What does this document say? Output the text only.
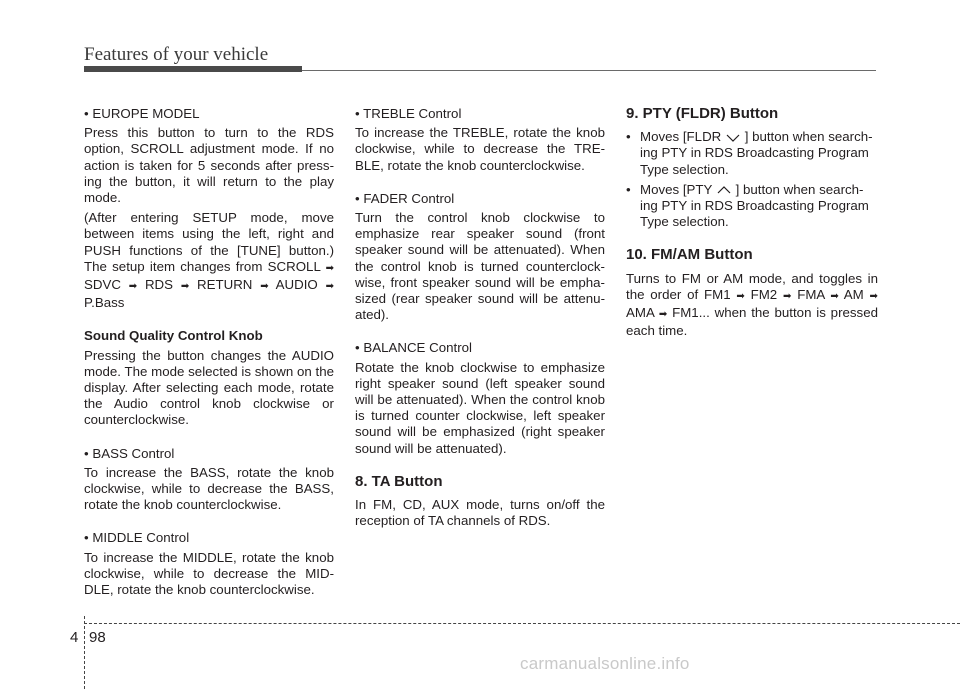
Features of your vehicle

• EUROPE MODEL

Press this button to turn to the RDS option, SCROLL adjustment mode. If no action is taken for 5 seconds after press-ing the button, it will return to the play mode.

(After entering SETUP mode, move between items using the left, right and PUSH functions of the [TUNE] button.) The setup item changes from SCROLL ➡ SDVC ➡ RDS ➡ RETURN ➡ AUDIO ➡ P.Bass

Sound Quality Control Knob

Pressing the button changes the AUDIO mode. The mode selected is shown on the display. After selecting each mode, rotate the Audio control knob clockwise or counterclockwise.

• BASS Control

To increase the BASS, rotate the knob clockwise, while to decrease the BASS, rotate the knob counterclockwise.

• MIDDLE Control

To increase the MIDDLE, rotate the knob clockwise, while to decrease the MID-DLE, rotate the knob counterclockwise.

• TREBLE Control

To increase the TREBLE, rotate the knob clockwise, while to decrease the TRE-BLE, rotate the knob counterclockwise.

• FADER Control

Turn the control knob clockwise to emphasize rear speaker sound (front speaker sound will be attenuated). When the control knob is turned counterclock-wise, front speaker sound will be empha-sized (rear speaker sound will be attenu-ated).

• BALANCE Control

Rotate the knob clockwise to emphasize right speaker sound (left speaker sound will be attenuated). When the control knob is turned counter clockwise, left speaker sound will be emphasized (right speaker sound will be attenuated).

8. TA Button

In FM, CD, AUX mode, turns on/off the reception of TA channels of RDS.

9. PTY (FLDR) Button

• Moves [FLDR ] button when search-ing PTY in RDS Broadcasting Program Type selection.
• Moves [PTY ] button when search-ing PTY in RDS Broadcasting Program Type selection.

10. FM/AM Button

Turns to FM or AM mode, and toggles in the order of FM1 ➡ FM2 ➡ FMA ➡ AM ➡ AMA ➡ FM1... when the button is pressed each time.

4 98
carmanualsonline.info
